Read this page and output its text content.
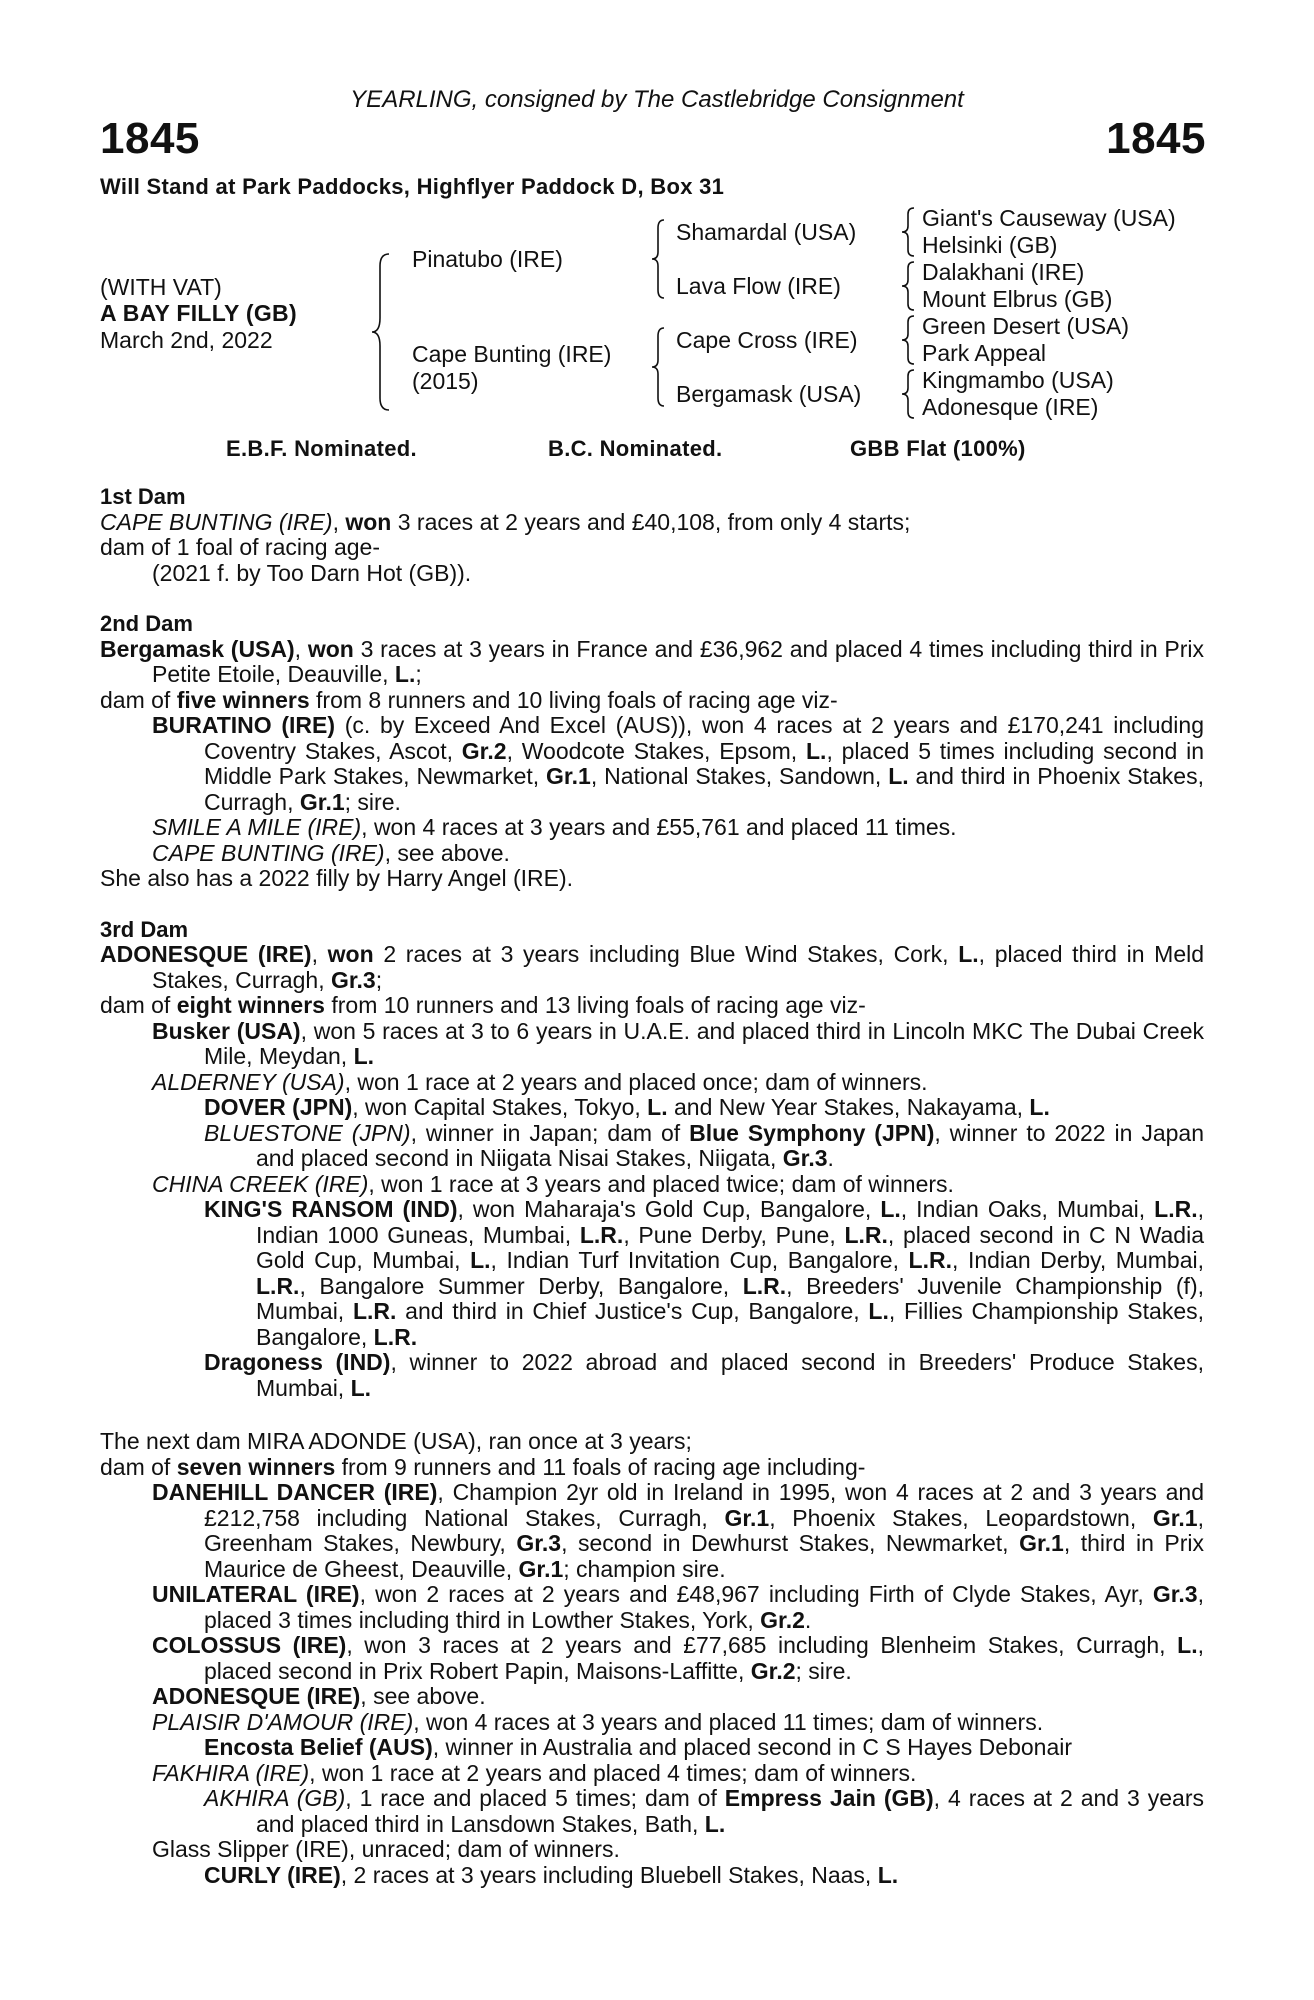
YEARLING, consigned by The Castlebridge Consignment
1845	1845
Will Stand at Park Paddocks, Highflyer Paddock D, Box 31
(WITH VAT)
A BAY FILLY (GB)
March 2nd, 2022
Pinatubo (IRE)
Cape Bunting (IRE)
(2015)
Shamardal (USA)
Lava Flow (IRE)
Cape Cross (IRE)
Bergamask (USA)
Giant's Causeway (USA)
Helsinki (GB)
Dalakhani (IRE)
Mount Elbrus (GB)
Green Desert (USA)
Park Appeal
Kingmambo (USA)
Adonesque (IRE)
E.B.F. Nominated.	B.C. Nominated.	GBB Flat (100%)

1st Dam

CAPE BUNTING (IRE), won 3 races at 2 years and £40,108, from only 4 starts;

dam of 1 foal of racing age-

(2021 f. by Too Darn Hot (GB)).

2nd Dam

Bergamask (USA), won 3 races at 3 years in France and £36,962 and placed 4 times including third in Prix Petite Etoile, Deauville, L.;

dam of five winners from 8 runners and 10 living foals of racing age viz-

BURATINO (IRE) (c. by Exceed And Excel (AUS)), won 4 races at 2 years and £170,241 including Coventry Stakes, Ascot, Gr.2, Woodcote Stakes, Epsom, L., placed 5 times including second in Middle Park Stakes, Newmarket, Gr.1, National Stakes, Sandown, L. and third in Phoenix Stakes, Curragh, Gr.1; sire.

SMILE A MILE (IRE), won 4 races at 3 years and £55,761 and placed 11 times.

CAPE BUNTING (IRE), see above.

She also has a 2022 filly by Harry Angel (IRE).

3rd Dam

ADONESQUE (IRE), won 2 races at 3 years including Blue Wind Stakes, Cork, L., placed third in Meld Stakes, Curragh, Gr.3;

dam of eight winners from 10 runners and 13 living foals of racing age viz-

Busker (USA), won 5 races at 3 to 6 years in U.A.E. and placed third in Lincoln MKC The Dubai Creek Mile, Meydan, L.

ALDERNEY (USA), won 1 race at 2 years and placed once; dam of winners.

DOVER (JPN), won Capital Stakes, Tokyo, L. and New Year Stakes, Nakayama, L.

BLUESTONE (JPN), winner in Japan; dam of Blue Symphony (JPN), winner to 2022 in Japan and placed second in Niigata Nisai Stakes, Niigata, Gr.3.

CHINA CREEK (IRE), won 1 race at 3 years and placed twice; dam of winners.

KING'S RANSOM (IND), won Maharaja's Gold Cup, Bangalore, L., Indian Oaks, Mumbai, L.R., Indian 1000 Guneas, Mumbai, L.R., Pune Derby, Pune, L.R., placed second in C N Wadia Gold Cup, Mumbai, L., Indian Turf Invitation Cup, Bangalore, L.R., Indian Derby, Mumbai, L.R., Bangalore Summer Derby, Bangalore, L.R., Breeders' Juvenile Championship (f), Mumbai, L.R. and third in Chief Justice's Cup, Bangalore, L., Fillies Championship Stakes, Bangalore, L.R.

Dragoness (IND), winner to 2022 abroad and placed second in Breeders' Produce Stakes, Mumbai, L.

The next dam MIRA ADONDE (USA), ran once at 3 years;

dam of seven winners from 9 runners and 11 foals of racing age including-

DANEHILL DANCER (IRE), Champion 2yr old in Ireland in 1995, won 4 races at 2 and 3 years and £212,758 including National Stakes, Curragh, Gr.1, Phoenix Stakes, Leopardstown, Gr.1, Greenham Stakes, Newbury, Gr.3, second in Dewhurst Stakes, Newmarket, Gr.1, third in Prix Maurice de Gheest, Deauville, Gr.1; champion sire.

UNILATERAL (IRE), won 2 races at 2 years and £48,967 including Firth of Clyde Stakes, Ayr, Gr.3, placed 3 times including third in Lowther Stakes, York, Gr.2.

COLOSSUS (IRE), won 3 races at 2 years and £77,685 including Blenheim Stakes, Curragh, L., placed second in Prix Robert Papin, Maisons-Laffitte, Gr.2; sire.

ADONESQUE (IRE), see above.

PLAISIR D'AMOUR (IRE), won 4 races at 3 years and placed 11 times; dam of winners.

Encosta Belief (AUS), winner in Australia and placed second in C S Hayes Debonair

FAKHIRA (IRE), won 1 race at 2 years and placed 4 times; dam of winners.

AKHIRA (GB), 1 race and placed 5 times; dam of Empress Jain (GB), 4 races at 2 and 3 years and placed third in Lansdown Stakes, Bath, L.

Glass Slipper (IRE), unraced; dam of winners.

CURLY (IRE), 2 races at 3 years including Bluebell Stakes, Naas, L.
